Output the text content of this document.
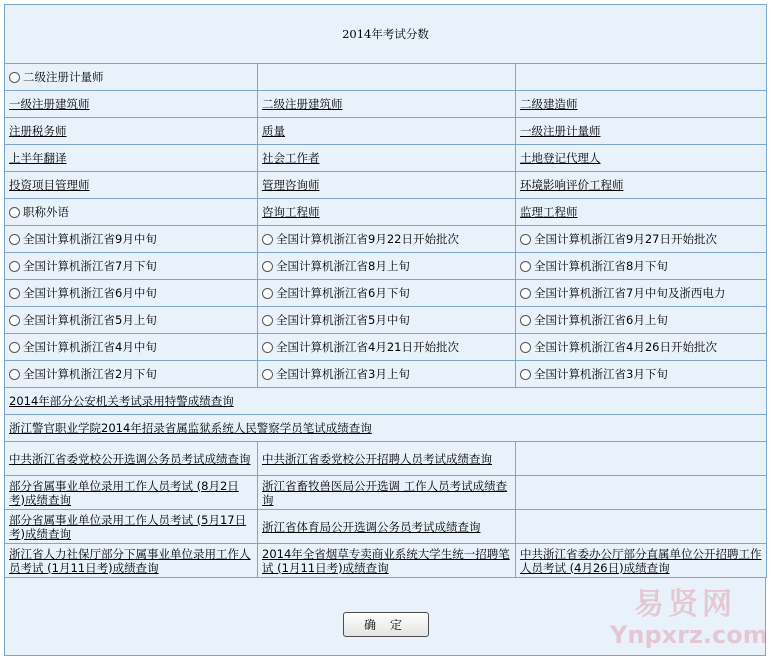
2014年考试分数		
二级注册计量师		
一级注册建筑师	二级注册建筑师	二级建造师
注册税务师	质量	一级注册计量师
上半年翻译	社会工作者	土地登记代理人
投资项目管理师	管理咨询师	环境影响评价工程师
职称外语	咨询工程师	监理工程师
全国计算机浙江省9月中旬	全国计算机浙江省9月22日开始批次	全国计算机浙江省9月27日开始批次
全国计算机浙江省7月下旬	全国计算机浙江省8月上旬	全国计算机浙江省8月下旬
全国计算机浙江省6月中旬	全国计算机浙江省6月下旬	全国计算机浙江省7月中旬及浙西电力
全国计算机浙江省5月上旬	全国计算机浙江省5月中旬	全国计算机浙江省6月上旬
全国计算机浙江省4月中旬	全国计算机浙江省4月21日开始批次	全国计算机浙江省4月26日开始批次
全国计算机浙江省2月下旬	全国计算机浙江省3月上旬	全国计算机浙江省3月下旬
2014年部分公安机关考试录用特警成绩查询		
浙江警官职业学院2014年招录省属监狱系统人民警察学员笔试成绩查询		
中共浙江省委党校公开选调公务员考试成绩查询	中共浙江省委党校公开招聘人员考试成绩查询	
部分省属事业单位录用工作人员考试 (8月2日考)成绩查询	浙江省畜牧兽医局公开选调 工作人员考试成绩查询	
部分省属事业单位录用工作人员考试 (5月17日考)成绩查询	浙江省体育局公开选调公务员考试成绩查询	
浙江省人力社保厅部分下属事业单位录用工作人员考试 (1月11日考)成绩查询	2014年全省烟草专卖商业系统大学生统一招聘笔试 (1月11日考)成绩查询	中共浙江省委办公厅部分直属单位公开招聘工作人员考试 (4月26日)成绩查询
确定
易贤网
Ynpxrz.com
